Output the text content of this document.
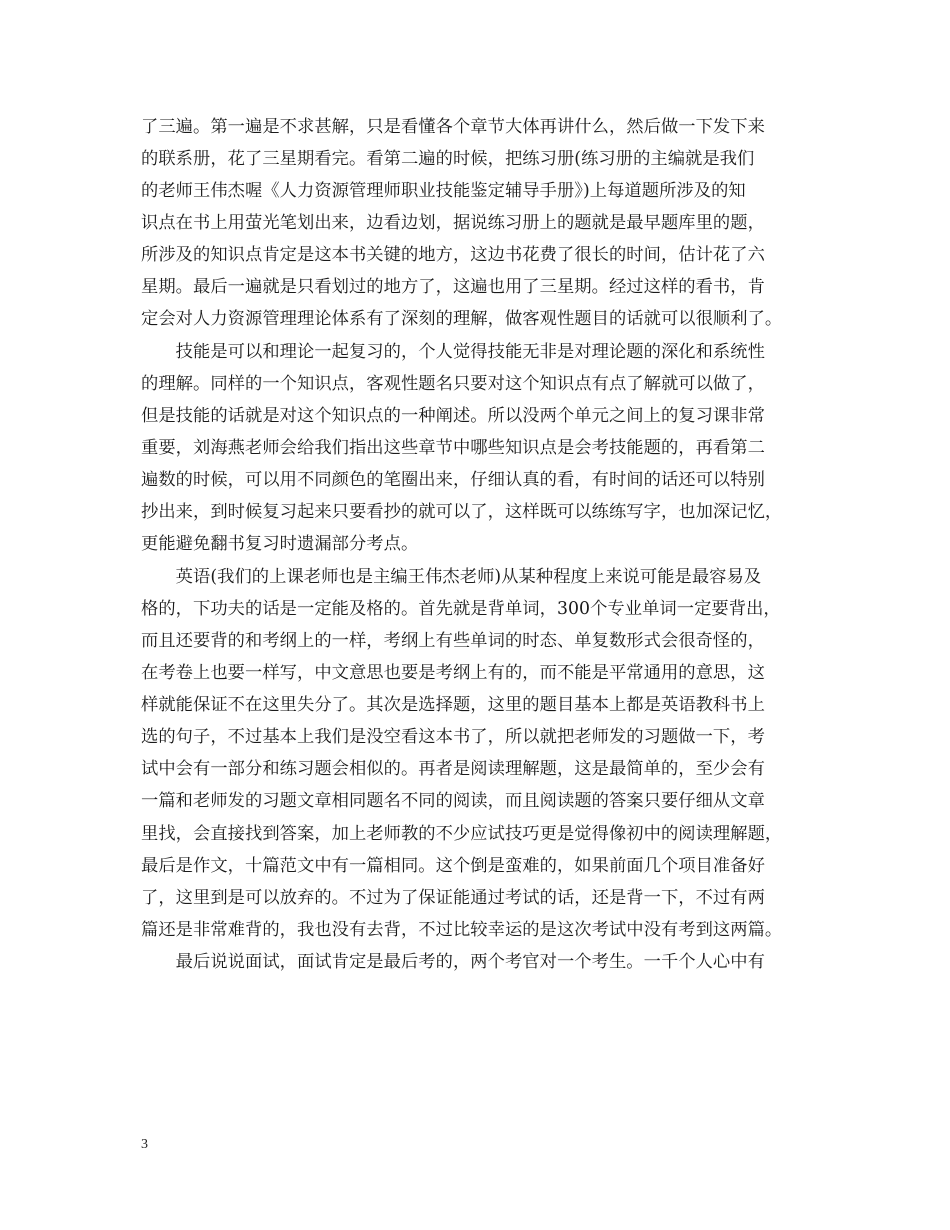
了三遍。第一遍是不求甚解，只是看懂各个章节大体再讲什么，然后做一下发下来
的联系册，花了三星期看完。看第二遍的时候，把练习册(练习册的主编就是我们
的老师王伟杰喔《人力资源管理师职业技能鉴定辅导手册》)上每道题所涉及的知
识点在书上用萤光笔划出来，边看边划，据说练习册上的题就是最早题库里的题，
所涉及的知识点肯定是这本书关键的地方，这边书花费了很长的时间，估计花了六
星期。最后一遍就是只看划过的地方了，这遍也用了三星期。经过这样的看书，肯
定会对人力资源管理理论体系有了深刻的理解，做客观性题目的话就可以很顺利了。
　　技能是可以和理论一起复习的，个人觉得技能无非是对理论题的深化和系统性
的理解。同样的一个知识点，客观性题名只要对这个知识点有点了解就可以做了，
但是技能的话就是对这个知识点的一种阐述。所以没两个单元之间上的复习课非常
重要，刘海燕老师会给我们指出这些章节中哪些知识点是会考技能题的，再看第二
遍数的时候，可以用不同颜色的笔圈出来，仔细认真的看，有时间的话还可以特别
抄出来，到时候复习起来只要看抄的就可以了，这样既可以练练写字，也加深记忆，
更能避免翻书复习时遗漏部分考点。
　　英语(我们的上课老师也是主编王伟杰老师)从某种程度上来说可能是最容易及
格的，下功夫的话是一定能及格的。首先就是背单词，300个专业单词一定要背出，
而且还要背的和考纲上的一样，考纲上有些单词的时态、单复数形式会很奇怪的，
在考卷上也要一样写，中文意思也要是考纲上有的，而不能是平常通用的意思，这
样就能保证不在这里失分了。其次是选择题，这里的题目基本上都是英语教科书上
选的句子，不过基本上我们是没空看这本书了，所以就把老师发的习题做一下，考
试中会有一部分和练习题会相似的。再者是阅读理解题，这是最简单的，至少会有
一篇和老师发的习题文章相同题名不同的阅读，而且阅读题的答案只要仔细从文章
里找，会直接找到答案，加上老师教的不少应试技巧更是觉得像初中的阅读理解题，
最后是作文，十篇范文中有一篇相同。这个倒是蛮难的，如果前面几个项目准备好
了，这里到是可以放弃的。不过为了保证能通过考试的话，还是背一下，不过有两
篇还是非常难背的，我也没有去背，不过比较幸运的是这次考试中没有考到这两篇。
　　最后说说面试，面试肯定是最后考的，两个考官对一个考生。一千个人心中有
3
